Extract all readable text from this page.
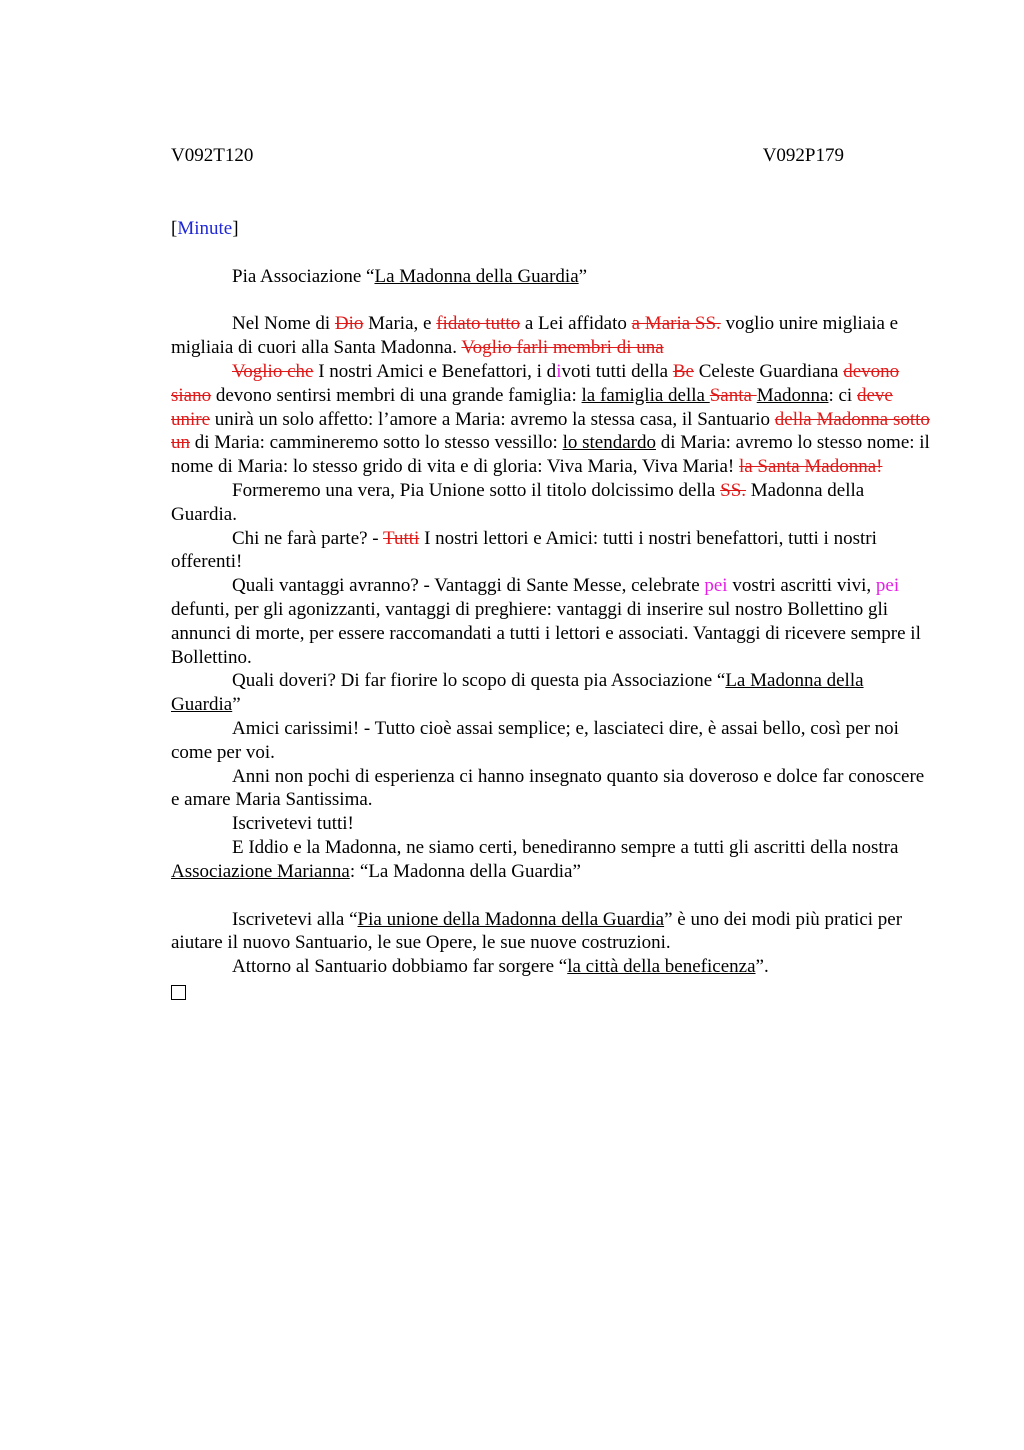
V092T120	V092P179

[Minute]

Pia Associazione “La Madonna della Guardia”

Nel Nome di Dio Maria, e fidato tutto a Lei affidato a Maria SS. voglio unire migliaia e migliaia di cuori alla Santa Madonna. Voglio farli membri di una

Voglio che I nostri Amici e Benefattori, i divoti tutti della Be Celeste Guardiana devono siano devono sentirsi membri di una grande famiglia: la famiglia della Santa Madonna: ci deve unire unirà un solo affetto: l’amore a Maria: avremo la stessa casa, il Santuario della Madonna sotto un di Maria: cammineremo sotto lo stesso vessillo: lo stendardo di Maria: avremo lo stesso nome: il nome di Maria: lo stesso grido di vita e di gloria: Viva Maria, Viva Maria! la Santa Madonna!

Formeremo una vera, Pia Unione sotto il titolo dolcissimo della SS. Madonna della Guardia.

Chi ne farà parte? - Tutti I nostri lettori e Amici: tutti i nostri benefattori, tutti i nostri offerenti!

Quali vantaggi avranno? - Vantaggi di Sante Messe, celebrate pei vostri ascritti vivi, pei defunti, per gli agonizzanti, vantaggi di preghiere: vantaggi di inserire sul nostro Bollettino gli annunci di morte, per essere raccomandati a tutti i lettori e associati. Vantaggi di ricevere sempre il Bollettino.

Quali doveri? Di far fiorire lo scopo di questa pia Associazione “La Madonna della Guardia”

Amici carissimi! - Tutto cioè assai semplice; e, lasciateci dire, è assai bello, così per noi come per voi.

Anni non pochi di esperienza ci hanno insegnato quanto sia doveroso e dolce far conoscere e amare Maria Santissima.

Iscrivetevi tutti!

E Iddio e la Madonna, ne siamo certi, benediranno sempre a tutti gli ascritti della nostra Associazione Marianna: “La Madonna della Guardia”

Iscrivetevi alla “Pia unione della Madonna della Guardia” è uno dei modi più pratici per aiutare il nuovo Santuario, le sue Opere, le sue nuove costruzioni.

Attorno al Santuario dobbiamo far sorgere “la città della beneficenza”.
